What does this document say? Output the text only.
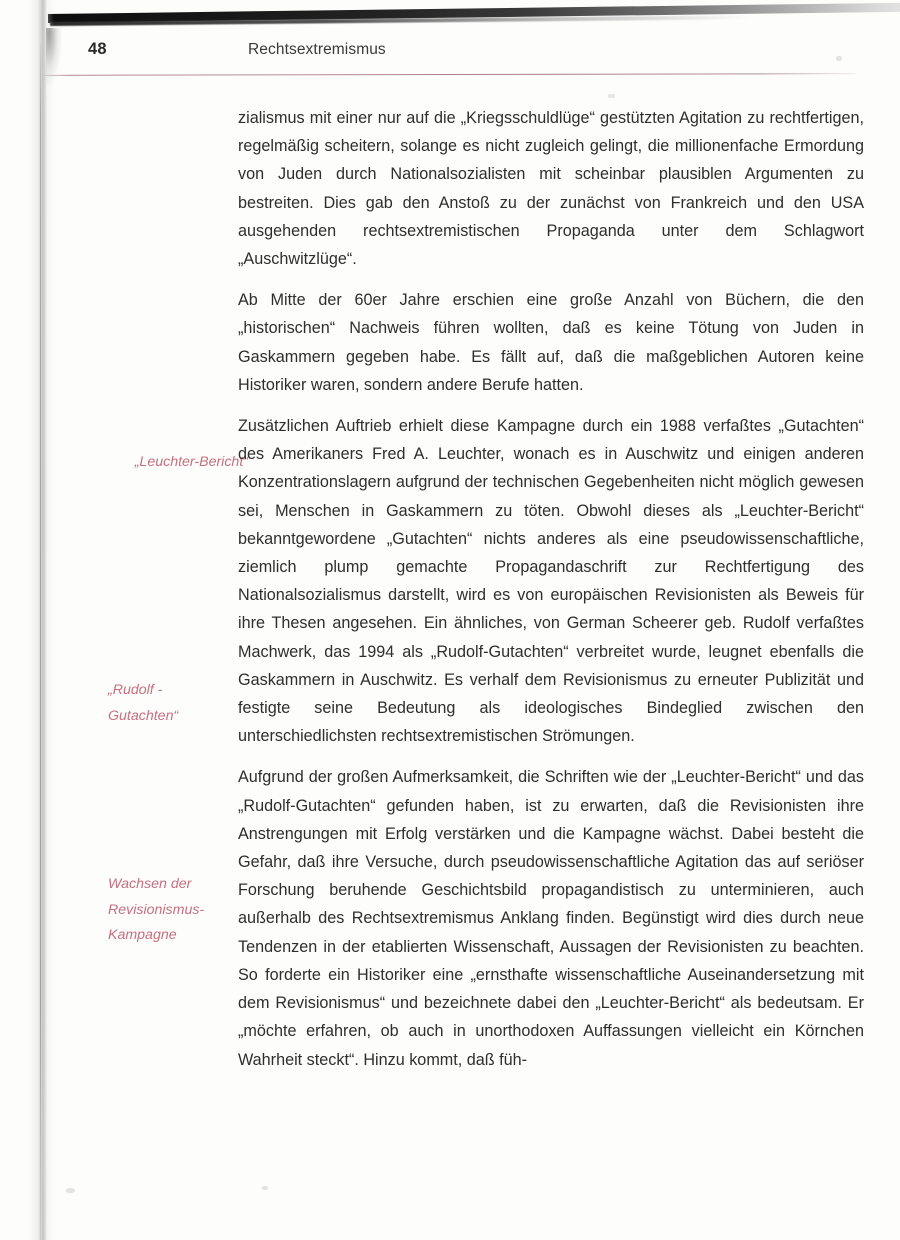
48	Rechtsextremismus
„Leuchter-Bericht“
„Rudolf -
Gutachten“
Wachsen der
Revisionismus-
Kampagne

zialismus mit einer nur auf die „Kriegsschuldlüge“ gestützten Agitation zu rechtfertigen, regelmäßig scheitern, solange es nicht zugleich gelingt, die millionenfache Ermordung von Juden durch Nationalsozialisten mit scheinbar plausiblen Argumenten zu bestreiten. Dies gab den Anstoß zu der zunächst von Frankreich und den USA ausgehenden rechtsextremistischen Propaganda unter dem Schlagwort „Auschwitzlüge“.

Ab Mitte der 60er Jahre erschien eine große Anzahl von Büchern, die den „historischen“ Nachweis führen wollten, daß es keine Tötung von Juden in Gaskammern gegeben habe. Es fällt auf, daß die maßgeblichen Autoren keine Historiker waren, sondern andere Berufe hatten.

Zusätzlichen Auftrieb erhielt diese Kampagne durch ein 1988 verfaßtes „Gutachten“ des Amerikaners Fred A. Leuchter, wonach es in Auschwitz und einigen anderen Konzentrationslagern aufgrund der technischen Gegebenheiten nicht möglich gewesen sei, Menschen in Gaskammern zu töten. Obwohl dieses als „Leuchter-Bericht“ bekanntgewordene „Gutachten“ nichts anderes als eine pseudowissenschaftliche, ziemlich plump gemachte Propagandaschrift zur Rechtfertigung des Nationalsozialismus darstellt, wird es von europäischen Revisionisten als Beweis für ihre Thesen angesehen. Ein ähnliches, von German Scheerer geb. Rudolf verfaßtes Machwerk, das 1994 als „Rudolf-Gutachten“ verbreitet wurde, leugnet ebenfalls die Gaskammern in Auschwitz. Es verhalf dem Revisionismus zu erneuter Publizität und festigte seine Bedeutung als ideologisches Bindeglied zwischen den unterschiedlichsten rechtsextremistischen Strömungen.

Aufgrund der großen Aufmerksamkeit, die Schriften wie der „Leuchter-Bericht“ und das „Rudolf-Gutachten“ gefunden haben, ist zu erwarten, daß die Revisionisten ihre Anstrengungen mit Erfolg verstärken und die Kampagne wächst. Dabei besteht die Gefahr, daß ihre Versuche, durch pseudowissenschaftliche Agitation das auf seriöser Forschung beruhende Geschichtsbild propagandistisch zu unterminieren, auch außerhalb des Rechtsextremismus Anklang finden. Begünstigt wird dies durch neue Tendenzen in der etablierten Wissenschaft, Aussagen der Revisionisten zu beachten. So forderte ein Historiker eine „ernsthafte wissenschaftliche Auseinandersetzung mit dem Revisionismus“ und bezeichnete dabei den „Leuchter-Bericht“ als bedeutsam. Er „möchte erfahren, ob auch in unorthodoxen Auffassungen vielleicht ein Körnchen Wahrheit steckt“. Hinzu kommt, daß füh-
